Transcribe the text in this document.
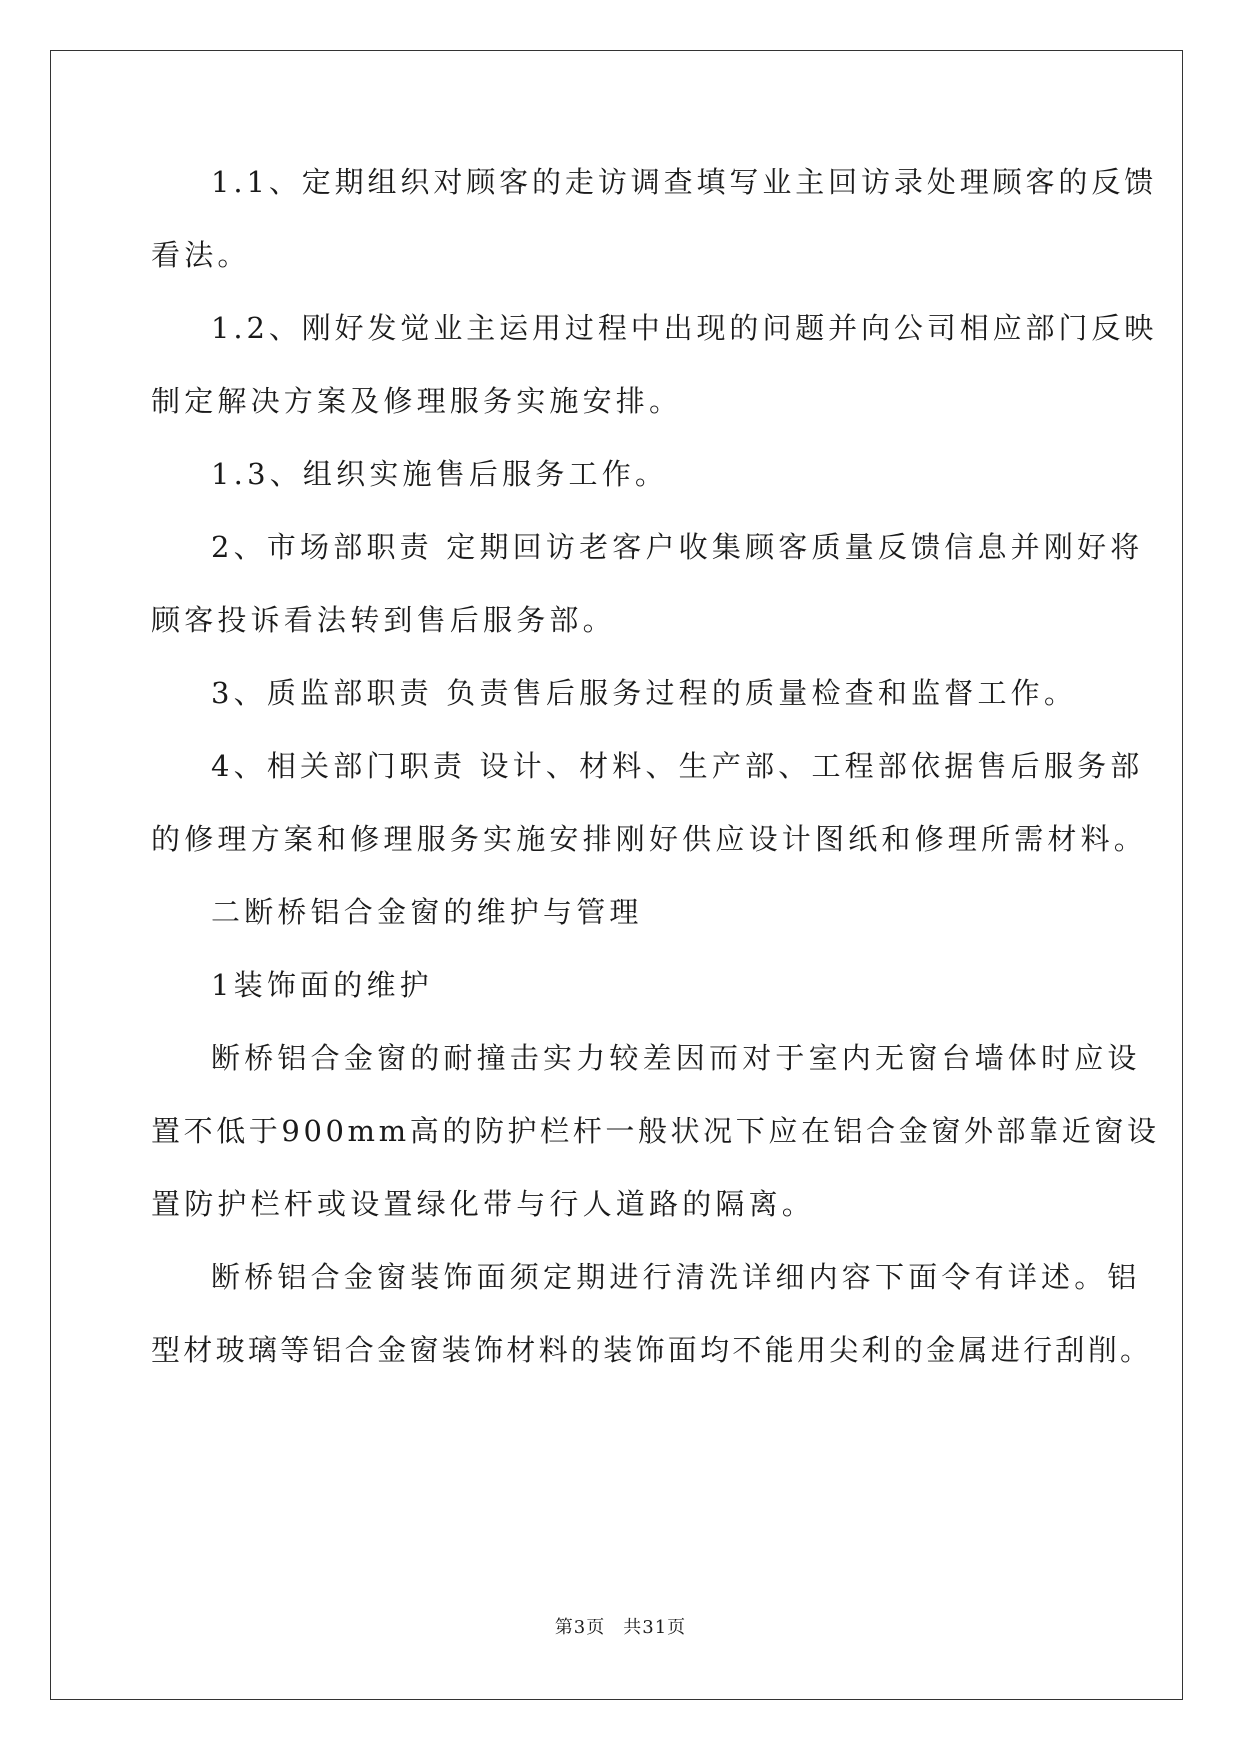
1.1、定期组织对顾客的走访调查填写业主回访录处理顾客的反馈
看法。
1.2、刚好发觉业主运用过程中出现的问题并向公司相应部门反映
制定解决方案及修理服务实施安排。
1.3、组织实施售后服务工作。
2、市场部职责 定期回访老客户收集顾客质量反馈信息并刚好将
顾客投诉看法转到售后服务部。
3、质监部职责 负责售后服务过程的质量检查和监督工作。
4、相关部门职责 设计、材料、生产部、工程部依据售后服务部
的修理方案和修理服务实施安排刚好供应设计图纸和修理所需材料。
二断桥铝合金窗的维护与管理
1装饰面的维护
断桥铝合金窗的耐撞击实力较差因而对于室内无窗台墙体时应设
置不低于900mm高的防护栏杆一般状况下应在铝合金窗外部靠近窗设
置防护栏杆或设置绿化带与行人道路的隔离。
断桥铝合金窗装饰面须定期进行清洗详细内容下面令有详述。铝
型材玻璃等铝合金窗装饰材料的装饰面均不能用尖利的金属进行刮削。
第3页 共31页
